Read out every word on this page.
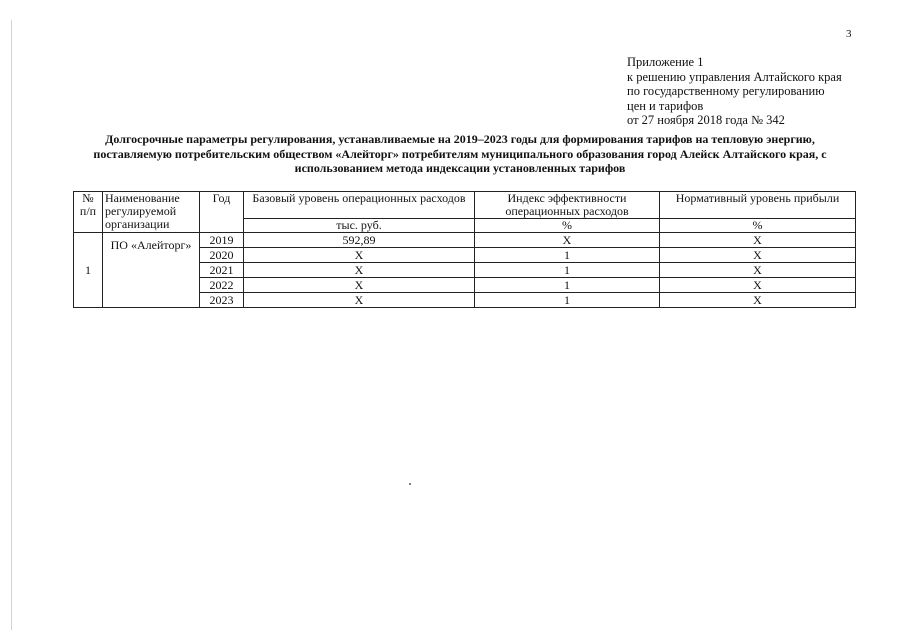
3
Приложение 1
к решению управления Алтайского края
по государственному регулированию
цен и тарифов
от 27 ноября 2018 года № 342
Долгосрочные параметры регулирования, устанавливаемые на 2019–2023 годы для формирования тарифов на тепловую энергию,
поставляемую потребительским обществом «Алейторг» потребителям муниципального образования город Алейск Алтайского края, с
использованием метода индексации установленных тарифов
№ п/п	Наименование регулируемой организации	Год	Базовый уровень операционных расходов	Индекс эффективности операционных расходов	Нормативный уровень прибыли
			тыс. руб.	%	%
1	ПО «Алейторг»	2019	592,89	Х	Х
		2020	Х	1	Х
		2021	Х	1	Х
		2022	Х	1	Х
		2023	Х	1	Х
